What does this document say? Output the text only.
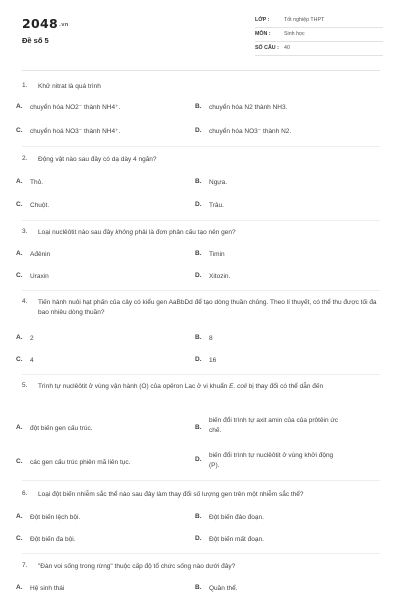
$2048^{.vn}$
Đề số 5
LỚP :	Tốt nghiệp THPT
MÔN :	Sinh học
SỐ CÂU : 40
1.	Khử nitrat là quá trình
A. chuyển hóa NO2⁻ thành NH4⁺.	B. chuyển hóa N2 thành NH3.
C. chuyển hoá NO3⁻ thành NH4⁺.	D. chuyển hóa NO3⁻ thành N2.
2.	Động vật nào sau đây có dạ dày 4 ngăn?
A. Thỏ.	B. Ngựa.
C. Chuột.	D. Trâu.
3.	Loại nuclêôtit nào sau đây không phải là đơn phân cấu tạo nên gen?
A. Ađênin	B. Timin
C. Uraxin	D. Xitozin.
4.	Tiến hành nuôi hạt phấn của cây có kiểu gen AaBbDd để tạo dòng thuần chủng. Theo lí thuyết, có thể thu được tối đa bao nhiêu dòng thuần?
A. 2	B. 8
C. 4	D. 16
5.	Trình tự nuclêôtit ở vùng vận hành (O) của opêron Lac ở vi khuẩn E. coli bị thay đổi có thể dẫn đến
A. đột biến gen cấu trúc.	B.
biến đổi trình tự axit amin của của prôtêin ức chế.
C. các gen cấu trúc phiên mã liên tục.	D.
biến đổi trình tự nuclêôtit ở vùng khởi động (P).
6.	Loại đột biến nhiễm sắc thể nào sau đây làm thay đổi số lượng gen trên một nhiễm sắc thể?
A. Đột biến lệch bội.	B. Đột biến đảo đoạn.
C. Đột biến đa bội.	D. Đột biến mất đoạn.
7.	"Đàn voi sống trong rừng" thuộc cấp độ tổ chức sống nào dưới đây?
A. Hệ sinh thái	B. Quần thể.
